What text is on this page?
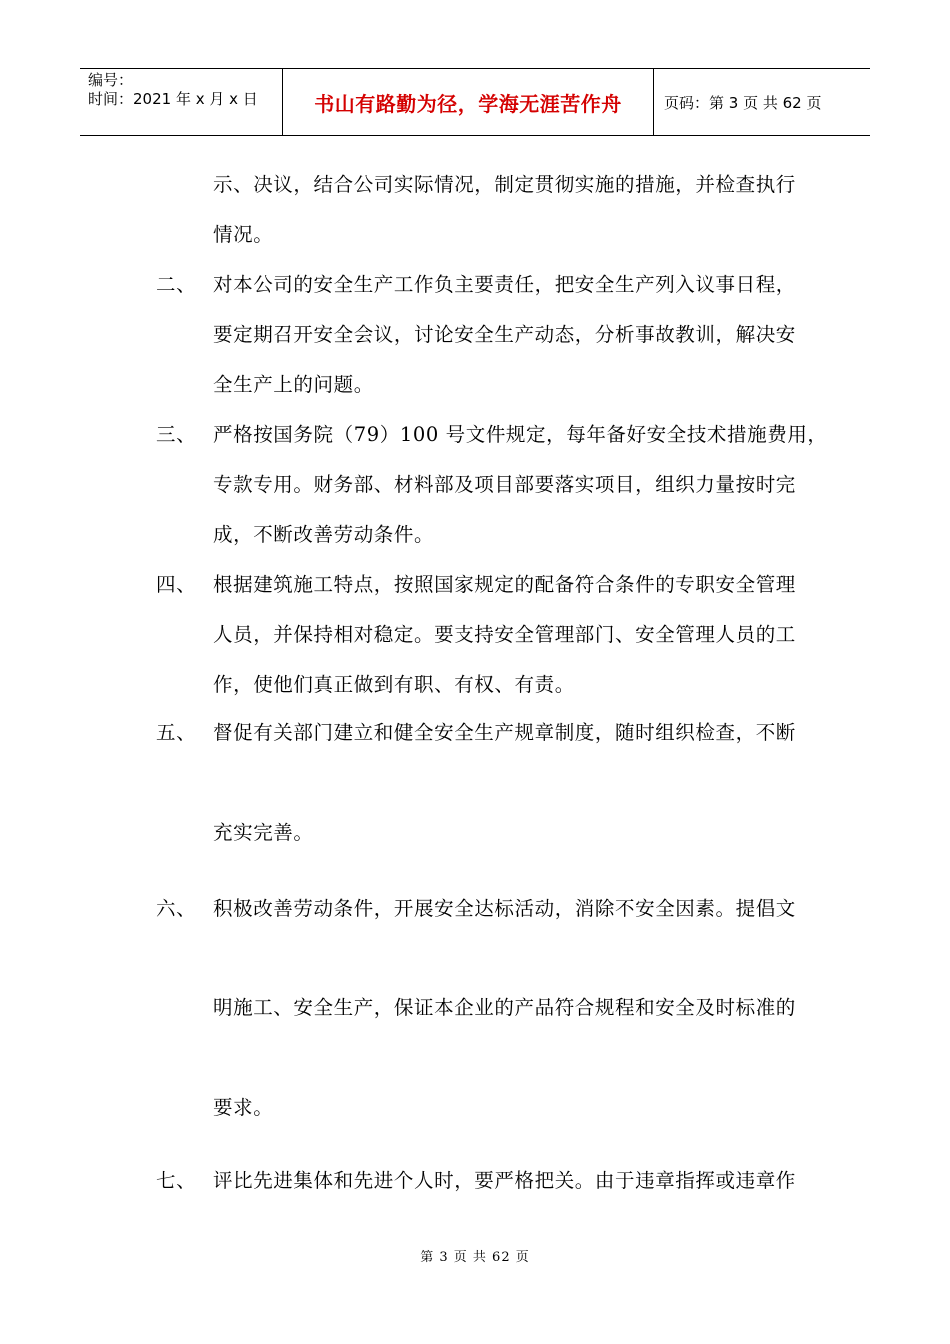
编号：
时间：2021 年 x 月 x 日	书山有路勤为径，学海无涯苦作舟	页码：第 3 页 共 62 页
示、决议，结合公司实际情况，制定贯彻实施的措施，并检查执行
情况。
二、 对本公司的安全生产工作负主要责任，把安全生产列入议事日程，
要定期召开安全会议，讨论安全生产动态，分析事故教训，解决安
全生产上的问题。
三、 严格按国务院（79）100 号文件规定，每年备好安全技术措施费用，
专款专用。财务部、材料部及项目部要落实项目，组织力量按时完
成，不断改善劳动条件。
四、 根据建筑施工特点，按照国家规定的配备符合条件的专职安全管理
人员，并保持相对稳定。要支持安全管理部门、安全管理人员的工
作，使他们真正做到有职、有权、有责。
五、 督促有关部门建立和健全安全生产规章制度，随时组织检查，不断
充实完善。
六、 积极改善劳动条件，开展安全达标活动，消除不安全因素。提倡文
明施工、安全生产，保证本企业的产品符合规程和安全及时标准的
要求。
七、 评比先进集体和先进个人时，要严格把关。由于违章指挥或违章作
第 3 页 共 62 页
